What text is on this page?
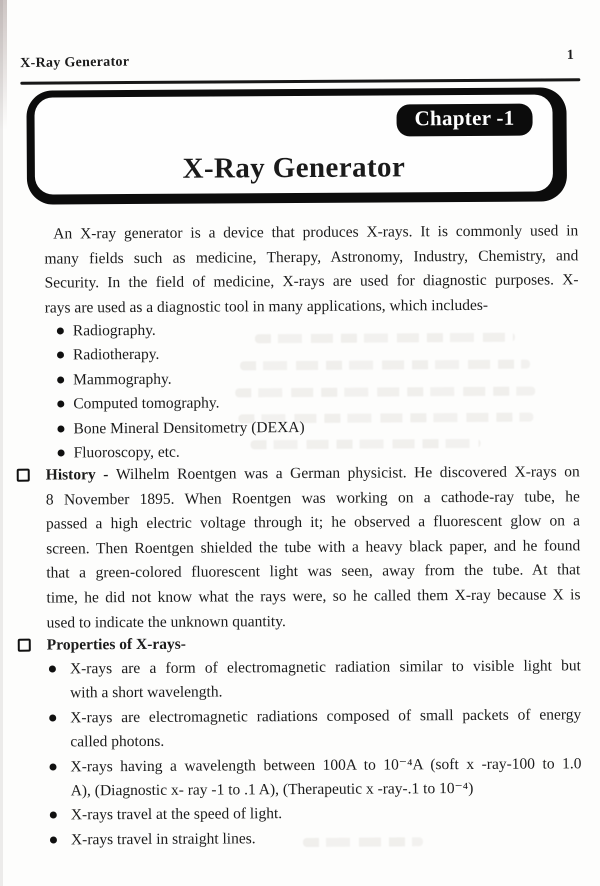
X-Ray Generator	1
Chapter -1
X-Ray Generator
An X-ray generator is a device that produces X-rays. It is commonly used in
many fields such as medicine, Therapy, Astronomy, Industry, Chemistry, and
Security. In the field of medicine, X-rays are used for diagnostic purposes. X-
rays are used as a diagnostic tool in many applications, which includes-
Radiography.
Radiotherapy.
Mammography.
Computed tomography.
Bone Mineral Densitometry (DEXA)
Fluoroscopy, etc.
History - Wilhelm Roentgen was a German physicist. He discovered X-rays on
8 November 1895. When Roentgen was working on a cathode-ray tube, he
passed a high electric voltage through it; he observed a fluorescent glow on a
screen. Then Roentgen shielded the tube with a heavy black paper, and he found
that a green-colored fluorescent light was seen, away from the tube. At that
time, he did not know what the rays were, so he called them X-ray because X is
used to indicate the unknown quantity.
Properties of X-rays-
X-rays are a form of electromagnetic radiation similar to visible light but
with a short wavelength.
X-rays are electromagnetic radiations composed of small packets of energy
called photons.
X-rays having a wavelength between 100A to 10⁻⁴A (soft x -ray-100 to 1.0
A), (Diagnostic x- ray -1 to .1 A), (Therapeutic x -ray-.1 to 10⁻⁴)
X-rays travel at the speed of light.
X-rays travel in straight lines.
